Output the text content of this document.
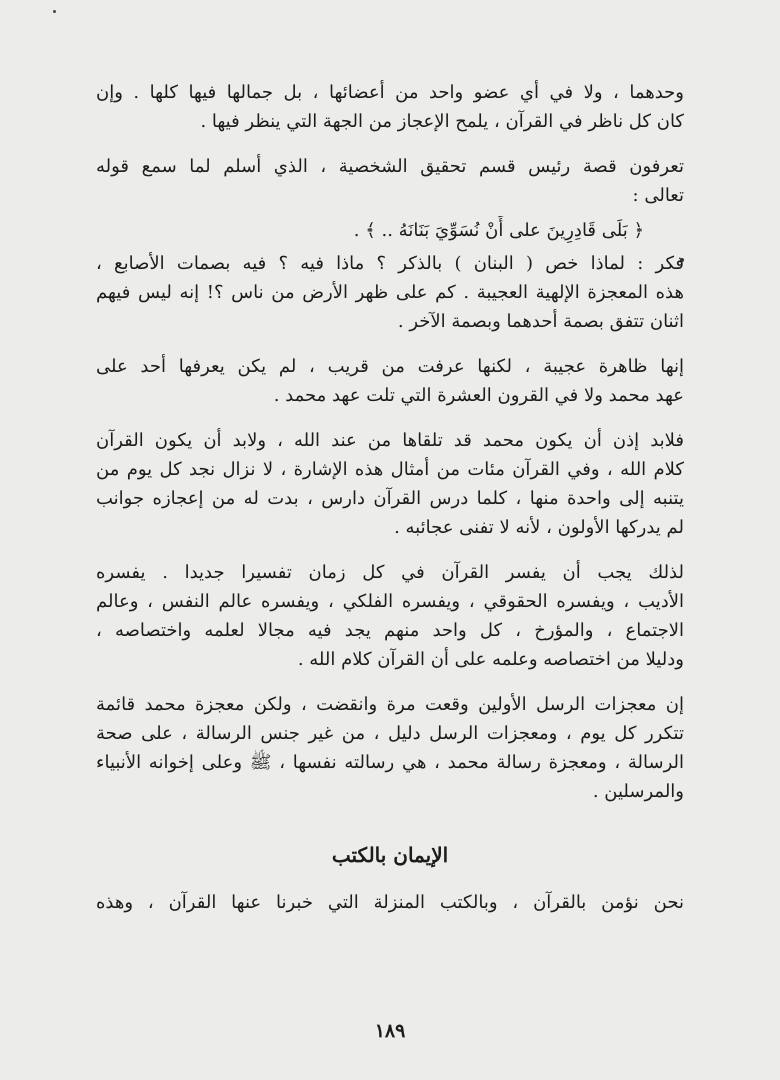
وحدهما ، ولا في أي عضو واحد من أعضائها ، بل جمالها فيها كلها . وإن
كان كل ناظر في القرآن ، يلمح الإعجاز من الجهة التي ينظر فيها .
تعرفون قصة رئيس قسم تحقيق الشخصية ، الذي أسلم لما سمع قوله
تعالى :
﴿ بَلَى قَادِرِينَ على أَنْ نُسَوِّيَ بَنَانَهُ .. ﴾ .
فكر : لماذا خص ( البنان ) بالذكر ؟ ماذا فيه ؟ فيه بصمات الأصابع ،
هذه المعجزة الإلهية العجيبة . كم على ظهر الأرض من ناس ؟! إنه ليس فيهم
اثنان تتفق بصمة أحدهما وبصمة الآخر .
إنها ظاهرة عجيبة ، لكنها عرفت من قريب ، لم يكن يعرفها أحد على
عهد محمد ولا في القرون العشرة التي تلت عهد محمد .
فلابد إذن أن يكون محمد قد تلقاها من عند الله ، ولابد أن يكون القرآن
كلام الله ، وفي القرآن مئات من أمثال هذه الإشارة ، لا نزال نجد كل يوم من
يتنبه إلى واحدة منها ، كلما درس القرآن دارس ، بدت له من إعجازه جوانب
لم يدركها الأولون ، لأنه لا تفنى عجائبه .
لذلك يجب أن يفسر القرآن في كل زمان تفسيرا جديدا . يفسره
الأديب ، ويفسره الحقوقي ، ويفسره الفلكي ، ويفسره عالم النفس ، وعالم
الاجتماع ، والمؤرخ ، كل واحد منهم يجد فيه مجالا لعلمه واختصاصه ،
ودليلا من اختصاصه وعلمه على أن القرآن كلام الله .
إن معجزات الرسل الأولين وقعت مرة وانقضت ، ولكن معجزة محمد قائمة
تتكرر كل يوم ، ومعجزات الرسل دليل ، من غير جنس الرسالة ، على صحة
الرسالة ، ومعجزة رسالة محمد ، هي رسالته نفسها ، ﷺ وعلى إخوانه الأنبياء
والمرسلين .
الإيمان بالكتب
نحن نؤمن بالقرآن ، وبالكتب المنزلة التي خبرنا عنها القرآن ، وهذه
١٨٩
